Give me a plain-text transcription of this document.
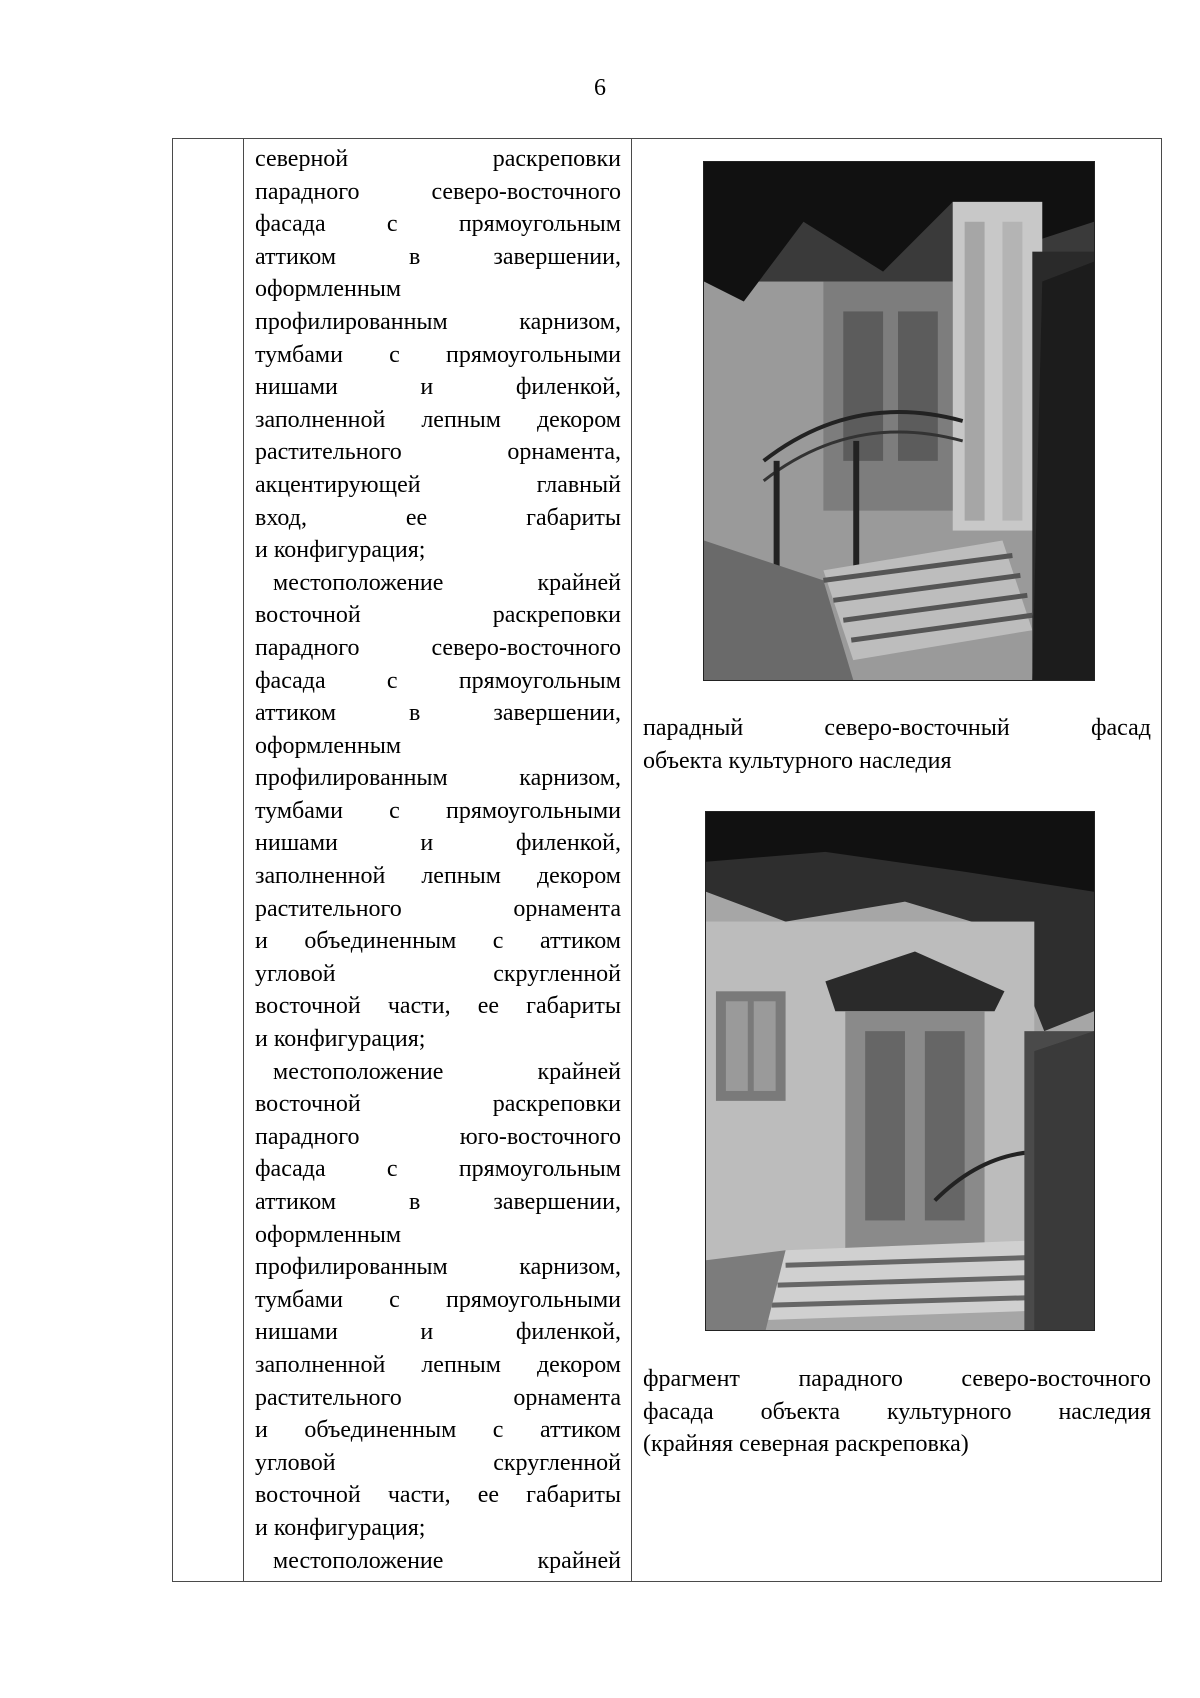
6
северной	раскреповки
парадного	северо-восточного
фасада	с	прямоугольным
аттиком	в	завершении,
оформленным
профилированным	карнизом,
тумбами с прямоугольными
нишами	и	филенкой,
заполненной лепным декором
растительного	орнамента,
акцентирующей	главный
вход,	ее	габариты
и конфигурация;
местоположение	крайней
восточной	раскреповки
парадного	северо-восточного
фасада	с	прямоугольным
аттиком	в	завершении,
оформленным
профилированным	карнизом,
тумбами с прямоугольными
нишами	и	филенкой,
заполненной лепным декором
растительного	орнамента
и объединенным с аттиком
угловой	скругленной
восточной части, ее габариты
и конфигурация;
местоположение	крайней
восточной	раскреповки
парадного	юго-восточного
фасада	с	прямоугольным
аттиком	в	завершении,
оформленным
профилированным	карнизом,
тумбами с прямоугольными
нишами	и	филенкой,
заполненной лепным декором
растительного	орнамента
и объединенным с аттиком
угловой	скругленной
восточной части, ее габариты
и конфигурация;
местоположение	крайней
парадный	северо-восточный	фасад
объекта культурного наследия
фрагмент парадного северо-восточного
фасада объекта культурного наследия
(крайняя северная раскреповка)
